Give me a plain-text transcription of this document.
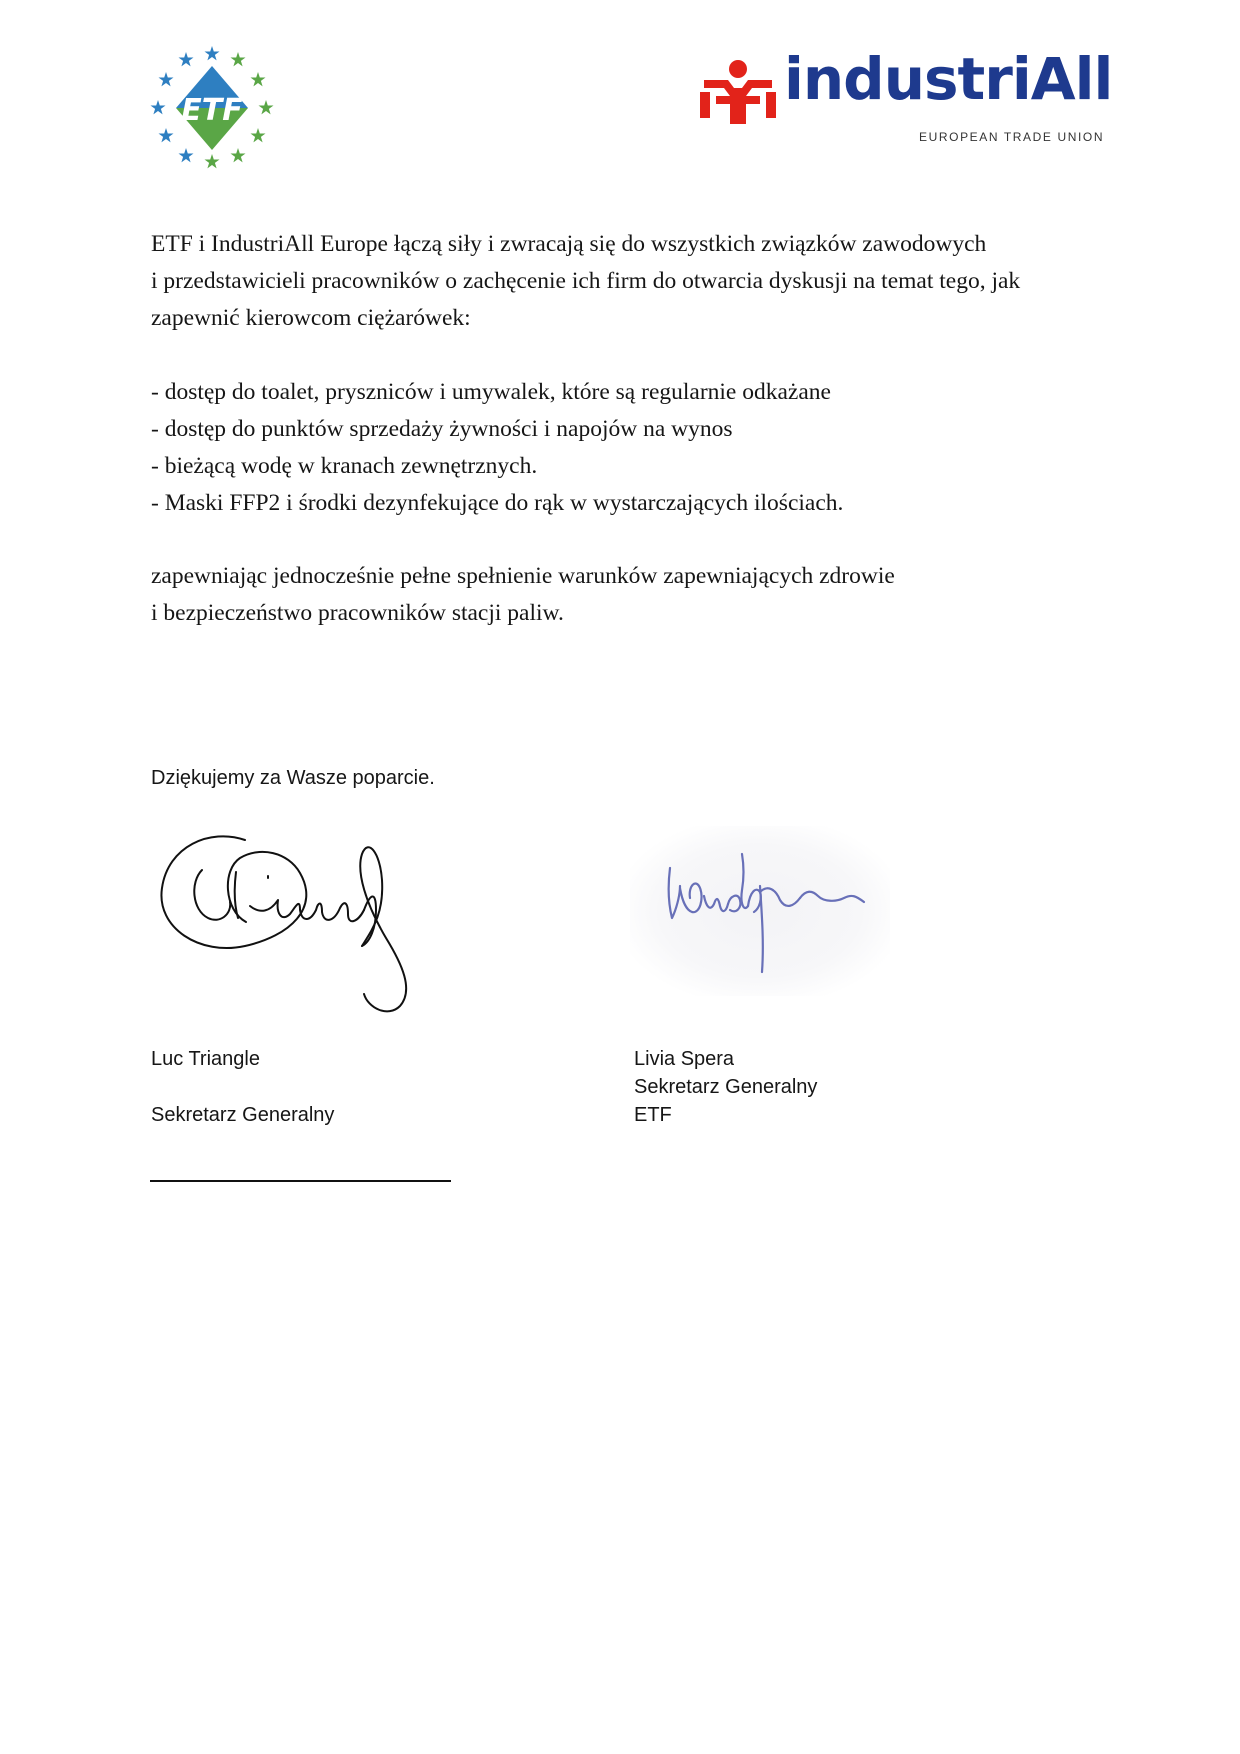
ETF	industriAll
EUROPEAN TRADE UNION

ETF i IndustriAll Europe łączą siły i zwracają się do wszystkich związków zawodowych

i przedstawicieli pracowników o zachęcenie ich firm do otwarcia dyskusji na temat tego, jak

zapewnić kierowcom ciężarówek:

- dostęp do toalet, pryszniców i umywalek, które są regularnie odkażane

- dostęp do punktów sprzedaży żywności i napojów na wynos

- bieżącą wodę w kranach zewnętrznych.

- Maski FFP2 i środki dezynfekujące do rąk w wystarczających ilościach.

zapewniając jednocześnie pełne spełnienie warunków zapewniających zdrowie

i bezpieczeństwo pracowników stacji paliw.

Dziękujemy za Wasze poparcie.
Luc Triangle
Sekretarz Generalny
Livia Spera
Sekretarz Generalny
ETF
